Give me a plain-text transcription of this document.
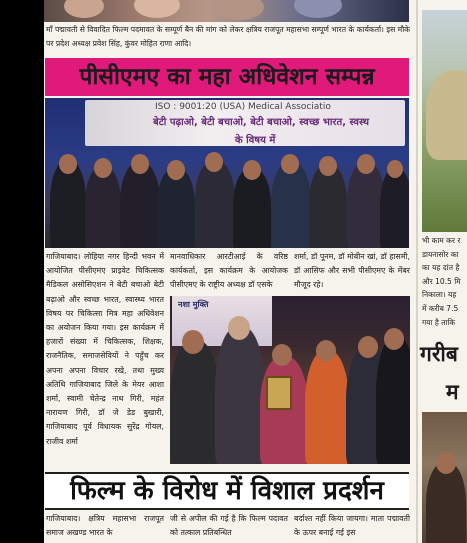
माँ पद्मावती से विवादित फिल्म पदमावत के सम्पूर्ण बैन की मांग को लेकर क्षत्रिय राजपूत महासभा सम्पूर्ण भारत के कार्यकर्ता। इस मौके पर प्रदेश अध्यक्ष प्रवेश सिंह, कुंवर मोहित राणा आदि।

पीसीएमए का महा अधिवेशन सम्पन्न
ISO : 9001:20 (USA) Medical Associatio
बेटी पढ़ाओ, बेटी बचाओ, बेटी बचाओ, स्वच्छ भारत, स्वस्थ
के विषय में

गाजियाबाद। लोहिया नगर हिन्दी भवन में आयोजित पीसीएमए प्राइवेट चिकित्सक मैडिकल असोसिएशन ने बेटी बचाओ बेटी बढ़ाओ और स्वच्छ भारत, स्वास्थ्य भारत विषय पर चिकित्सा मित्र महा अधिवेशन का अयोजन किया गया। इस कार्यक्रम में हजारों संख्या में चिकित्सक, शिक्षक, राजनैतिक, समाजसेवियों ने पहुँच कर अपना अपना विचार रखे, तथा मुख्य अतिथि गाजियाबाद जिले के मेयर आशा शर्मा, स्वामी चेतेन्द्र नाथ गिरी, महंत नारायण गिरी, डॉ जे डेड बुखारी, गाजियाबाद पूर्व विधायक सुरेंद्र गोयल, राजीव शर्मा

मानवाधिकार आरटीआई के वरिष्ठ कार्यकर्ता, इस कार्यक्रम के आयोजक पीसीएमए के राष्ट्रीय अध्यक्ष डॉ एसके

शर्मा, डॉ पूनम, डॉ मोबीन खां, डॉ हासमी, डॉ आसिफ और सभी पीसीएमए के मेंबर मौजूद रहे।

नशा मुक्ति
फिल्म के विरोध में विशाल प्रदर्शन

गाजियाबाद। क्षत्रिय महासभा राजपूत समाज अखण्ड भारत के

जी से अपील की गई है कि फिल्म पदावत को तत्काल प्रतिबन्धित

बर्दाश्त नहीं किया जायगा। माता पद्मावती के ऊपर बनाई गई इस

भी काम कर र
डायनासोर का
का यह दांत है
और 10.5 मि
निकाला। यह
में करीब 7.5
गया है ताकि
गरीब
म
